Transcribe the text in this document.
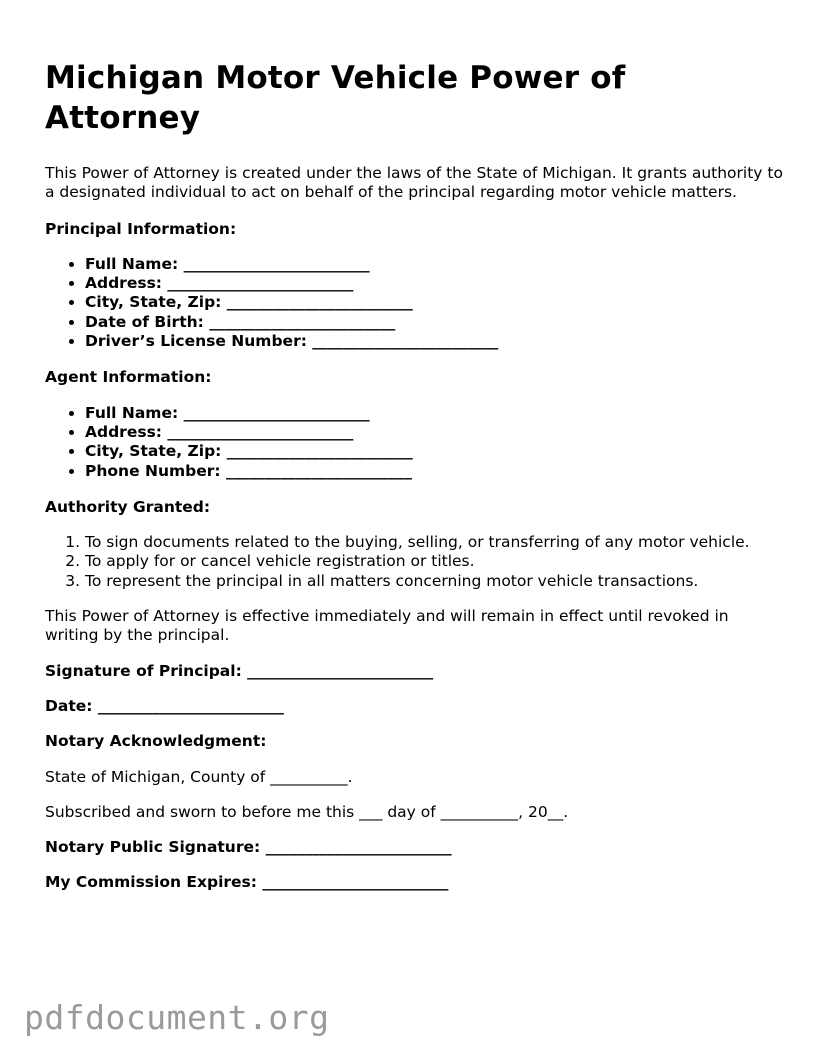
Michigan Motor Vehicle Power of Attorney

This Power of Attorney is created under the laws of the State of Michigan. It grants authority to a designated individual to act on behalf of the principal regarding motor vehicle matters.

Principal Information:

• Full Name: ________________________
• Address: ________________________
• City, State, Zip: ________________________
• Date of Birth: ________________________
• Driver’s License Number: ________________________

Agent Information:

• Full Name: ________________________
• Address: ________________________
• City, State, Zip: ________________________
• Phone Number: ________________________

Authority Granted:

1. To sign documents related to the buying, selling, or transferring of any motor vehicle.
2. To apply for or cancel vehicle registration or titles.
3. To represent the principal in all matters concerning motor vehicle transactions.

This Power of Attorney is effective immediately and will remain in effect until revoked in writing by the principal.

Signature of Principal: ________________________

Date: ________________________

Notary Acknowledgment:

State of Michigan, County of __________.

Subscribed and sworn to before me this ___ day of __________, 20__.

Notary Public Signature: ________________________

My Commission Expires: ________________________

pdfdocument.org
